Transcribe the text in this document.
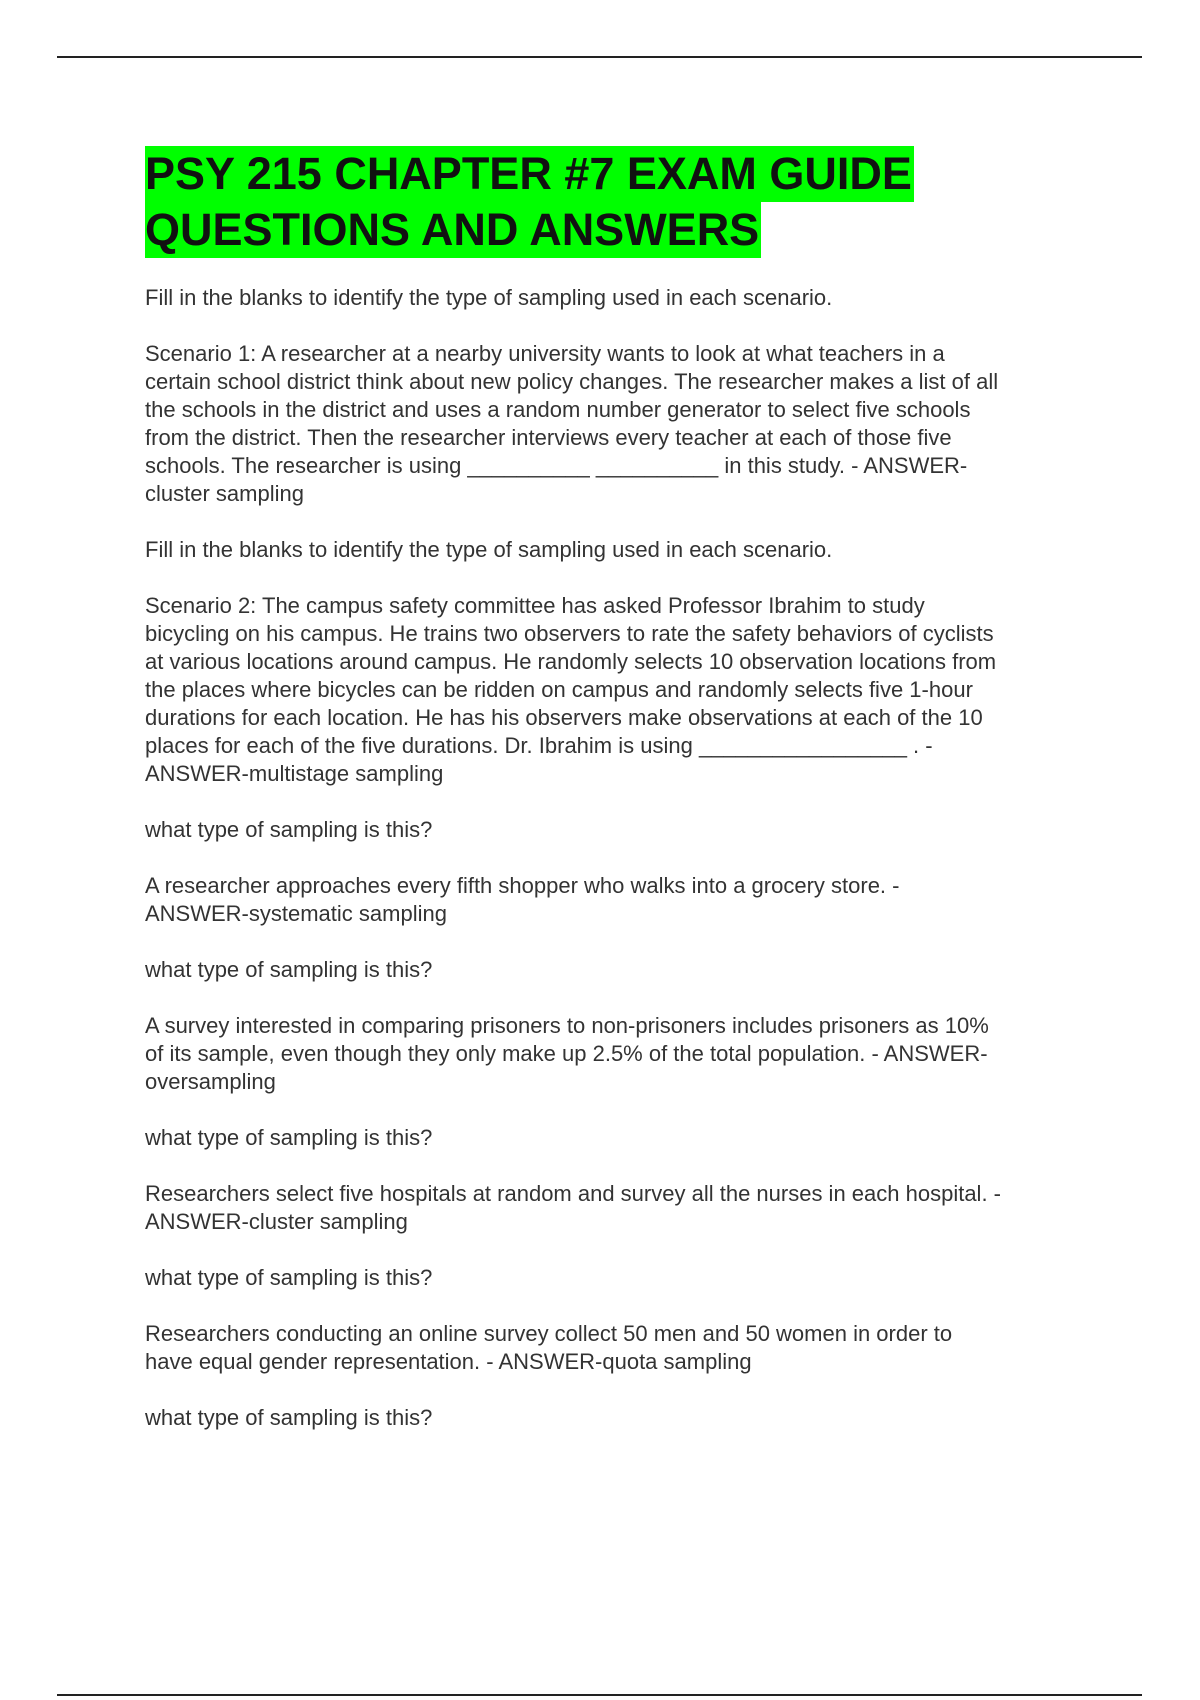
PSY 215 CHAPTER #7 EXAM GUIDE
QUESTIONS AND ANSWERS

Fill in the blanks to identify the type of sampling used in each scenario.

Scenario 1: A researcher at a nearby university wants to look at what teachers in a
certain school district think about new policy changes. The researcher makes a list of all
the schools in the district and uses a random number generator to select five schools
from the district. Then the researcher interviews every teacher at each of those five
schools. The researcher is using __________ __________ in this study. - ANSWER-
cluster sampling

Fill in the blanks to identify the type of sampling used in each scenario.

Scenario 2: The campus safety committee has asked Professor Ibrahim to study
bicycling on his campus. He trains two observers to rate the safety behaviors of cyclists
at various locations around campus. He randomly selects 10 observation locations from
the places where bicycles can be ridden on campus and randomly selects five 1-hour
durations for each location. He has his observers make observations at each of the 10
places for each of the five durations. Dr. Ibrahim is using _________________ . -
ANSWER-multistage sampling

what type of sampling is this?

A researcher approaches every fifth shopper who walks into a grocery store. -
ANSWER-systematic sampling

what type of sampling is this?

A survey interested in comparing prisoners to non-prisoners includes prisoners as 10%
of its sample, even though they only make up 2.5% of the total population. - ANSWER-
oversampling

what type of sampling is this?

Researchers select five hospitals at random and survey all the nurses in each hospital. -
ANSWER-cluster sampling

what type of sampling is this?

Researchers conducting an online survey collect 50 men and 50 women in order to
have equal gender representation. - ANSWER-quota sampling

what type of sampling is this?
